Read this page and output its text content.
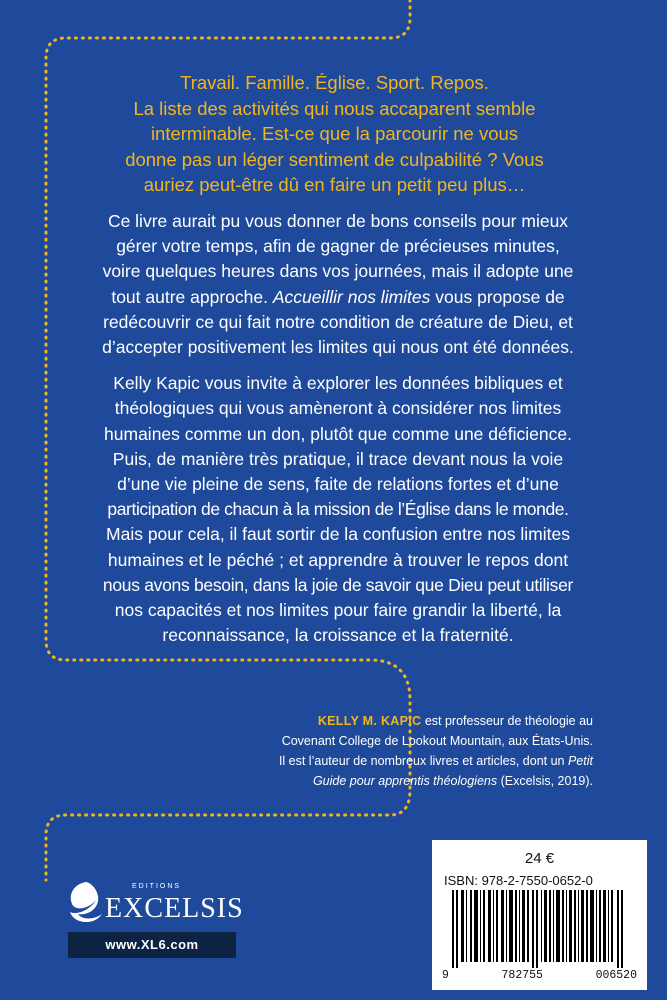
Travail. Famille. Église. Sport. Repos.
La liste des activités qui nous accaparent semble
interminable. Est-ce que la parcourir ne vous
donne pas un léger sentiment de culpabilité ? Vous
auriez peut-être dû en faire un petit peu plus…

Ce livre aurait pu vous donner de bons conseils pour mieux
gérer votre temps, afin de gagner de précieuses minutes,
voire quelques heures dans vos journées, mais il adopte une
tout autre approche. Accueillir nos limites vous propose de
redécouvrir ce qui fait notre condition de créature de Dieu, et
d’accepter positivement les limites qui nous ont été données.

Kelly Kapic vous invite à explorer les données bibliques et
théologiques qui vous amèneront à considérer nos limites
humaines comme un don, plutôt que comme une déficience.
Puis, de manière très pratique, il trace devant nous la voie
d’une vie pleine de sens, faite de relations fortes et d’une
participation de chacun à la mission de l’Église dans le monde.
Mais pour cela, il faut sortir de la confusion entre nos limites
humaines et le péché ; et apprendre à trouver le repos dont
nous avons besoin, dans la joie de savoir que Dieu peut utiliser
nos capacités et nos limites pour faire grandir la liberté, la
reconnaissance, la croissance et la fraternité.

KELLY M. KAPIC est professeur de théologie au
Covenant College de Lookout Mountain, aux États-Unis.
Il est l’auteur de nombreux livres et articles, dont un Petit
Guide pour apprentis théologiens (Excelsis, 2019).
EDITIONS
EXCELSIS
www.XL6.com
24 €
ISBN: 978-2-7550-0652-0
9	782755	006520
